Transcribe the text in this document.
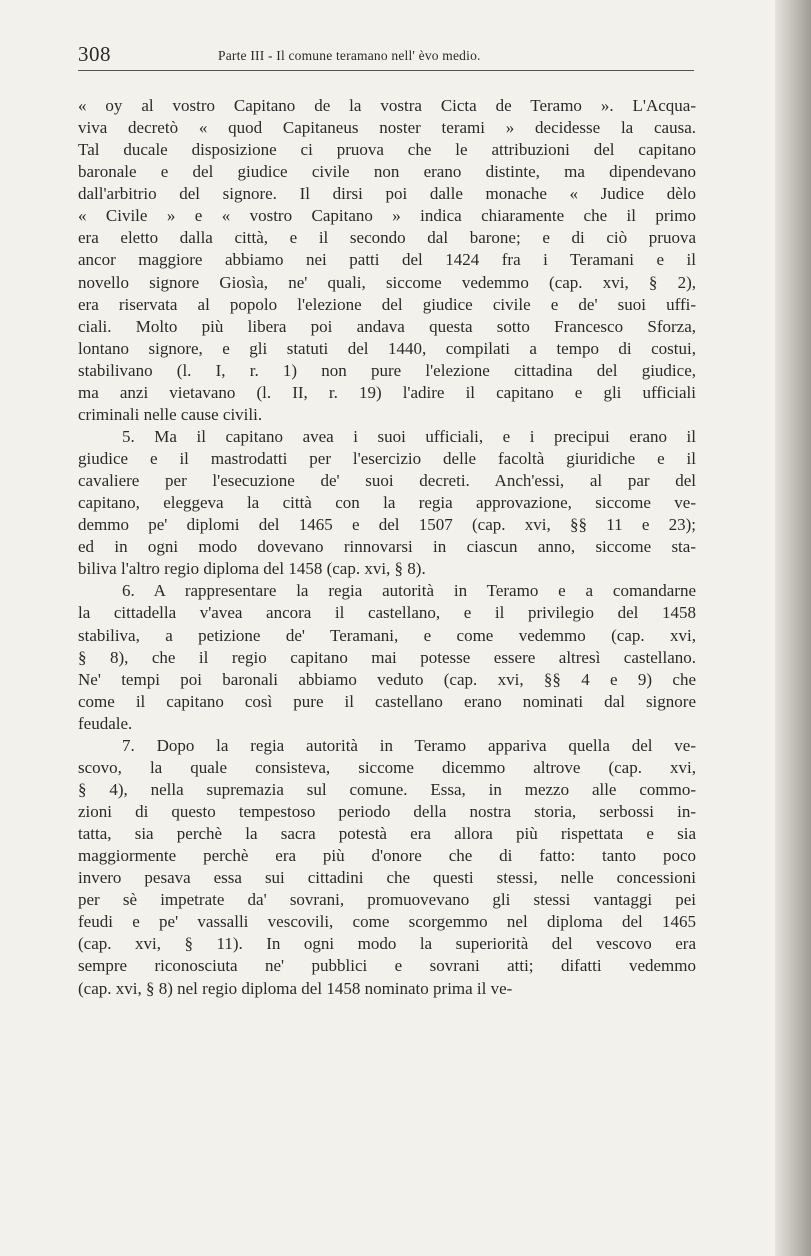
308	Parte III - Il comune teramano nell' èvo medio.
« oy al vostro Capitano de la vostra Cicta de Teramo ». L'Acqua-
viva decretò « quod Capitaneus noster terami » decidesse la causa.
Tal ducale disposizione ci pruova che le attribuzioni del capitano
baronale e del giudice civile non erano distinte, ma dipendevano
dall'arbitrio del signore. Il dirsi poi dalle monache « Judice dèlo
« Civile » e « vostro Capitano » indica chiaramente che il primo
era eletto dalla città, e il secondo dal barone; e di ciò pruova
ancor maggiore abbiamo nei patti del 1424 fra i Teramani e il
novello signore Giosìa, ne' quali, siccome vedemmo (cap. xvi, § 2),
era riservata al popolo l'elezione del giudice civile e de' suoi uffi-
ciali. Molto più libera poi andava questa sotto Francesco Sforza,
lontano signore, e gli statuti del 1440, compilati a tempo di costui,
stabilivano (l. I, r. 1) non pure l'elezione cittadina del giudice,
ma anzi vietavano (l. II, r. 19) l'adire il capitano e gli ufficiali
criminali nelle cause civili.
5. Ma il capitano avea i suoi ufficiali, e i precipui erano il
giudice e il mastrodatti per l'esercizio delle facoltà giuridiche e il
cavaliere per l'esecuzione de' suoi decreti. Anch'essi, al par del
capitano, eleggeva la città con la regia approvazione, siccome ve-
demmo pe' diplomi del 1465 e del 1507 (cap. xvi, §§ 11 e 23);
ed in ogni modo dovevano rinnovarsi in ciascun anno, siccome sta-
biliva l'altro regio diploma del 1458 (cap. xvi, § 8).
6. A rappresentare la regia autorità in Teramo e a comandarne
la cittadella v'avea ancora il castellano, e il privilegio del 1458
stabiliva, a petizione de' Teramani, e come vedemmo (cap. xvi,
§ 8), che il regio capitano mai potesse essere altresì castellano.
Ne' tempi poi baronali abbiamo veduto (cap. xvi, §§ 4 e 9) che
come il capitano così pure il castellano erano nominati dal signore
feudale.
7. Dopo la regia autorità in Teramo appariva quella del ve-
scovo, la quale consisteva, siccome dicemmo altrove (cap. xvi,
§ 4), nella supremazia sul comune. Essa, in mezzo alle commo-
zioni di questo tempestoso periodo della nostra storia, serbossi in-
tatta, sia perchè la sacra potestà era allora più rispettata e sia
maggiormente perchè era più d'onore che di fatto: tanto poco
invero pesava essa sui cittadini che questi stessi, nelle concessioni
per sè impetrate da' sovrani, promuovevano gli stessi vantaggi pei
feudi e pe' vassalli vescovili, come scorgemmo nel diploma del 1465
(cap. xvi, § 11). In ogni modo la superiorità del vescovo era
sempre riconosciuta ne' pubblici e sovrani atti; difatti vedemmo
(cap. xvi, § 8) nel regio diploma del 1458 nominato prima il ve-
